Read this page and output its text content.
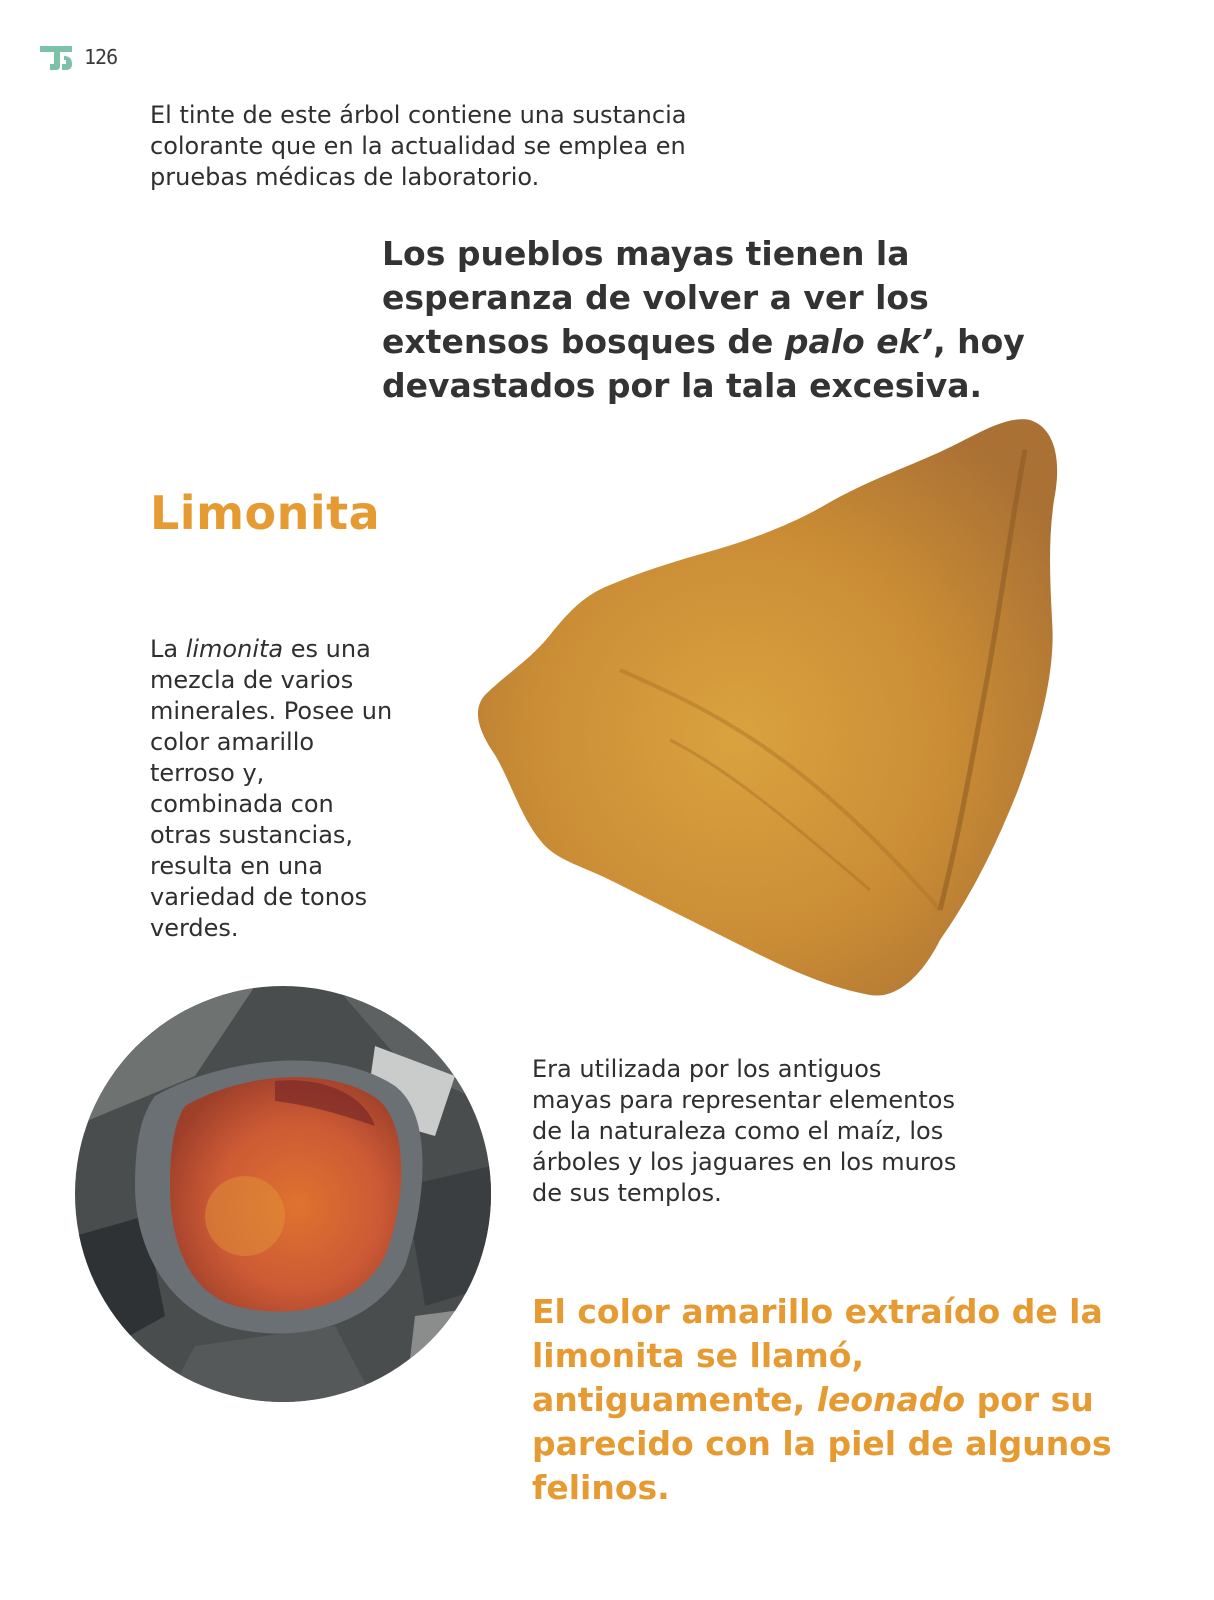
126

El tinte de este árbol contiene una sustancia colorante que en la actualidad se emplea en pruebas médicas de laboratorio.

Los pueblos mayas tienen la esperanza de volver a ver los extensos bosques de palo ek’, hoy devastados por la tala excesiva.

Limonita

La limonita es una mezcla de varios minerales. Posee un color amarillo terroso y, combinada con otras sustancias, resulta en una variedad de tonos verdes.

Era utilizada por los antiguos mayas para representar elementos de la naturaleza como el maíz, los árboles y los jaguares en los muros de sus templos.

El color amarillo extraído de la limonita se llamó, antiguamente, leonado por su parecido con la piel de algunos felinos.
